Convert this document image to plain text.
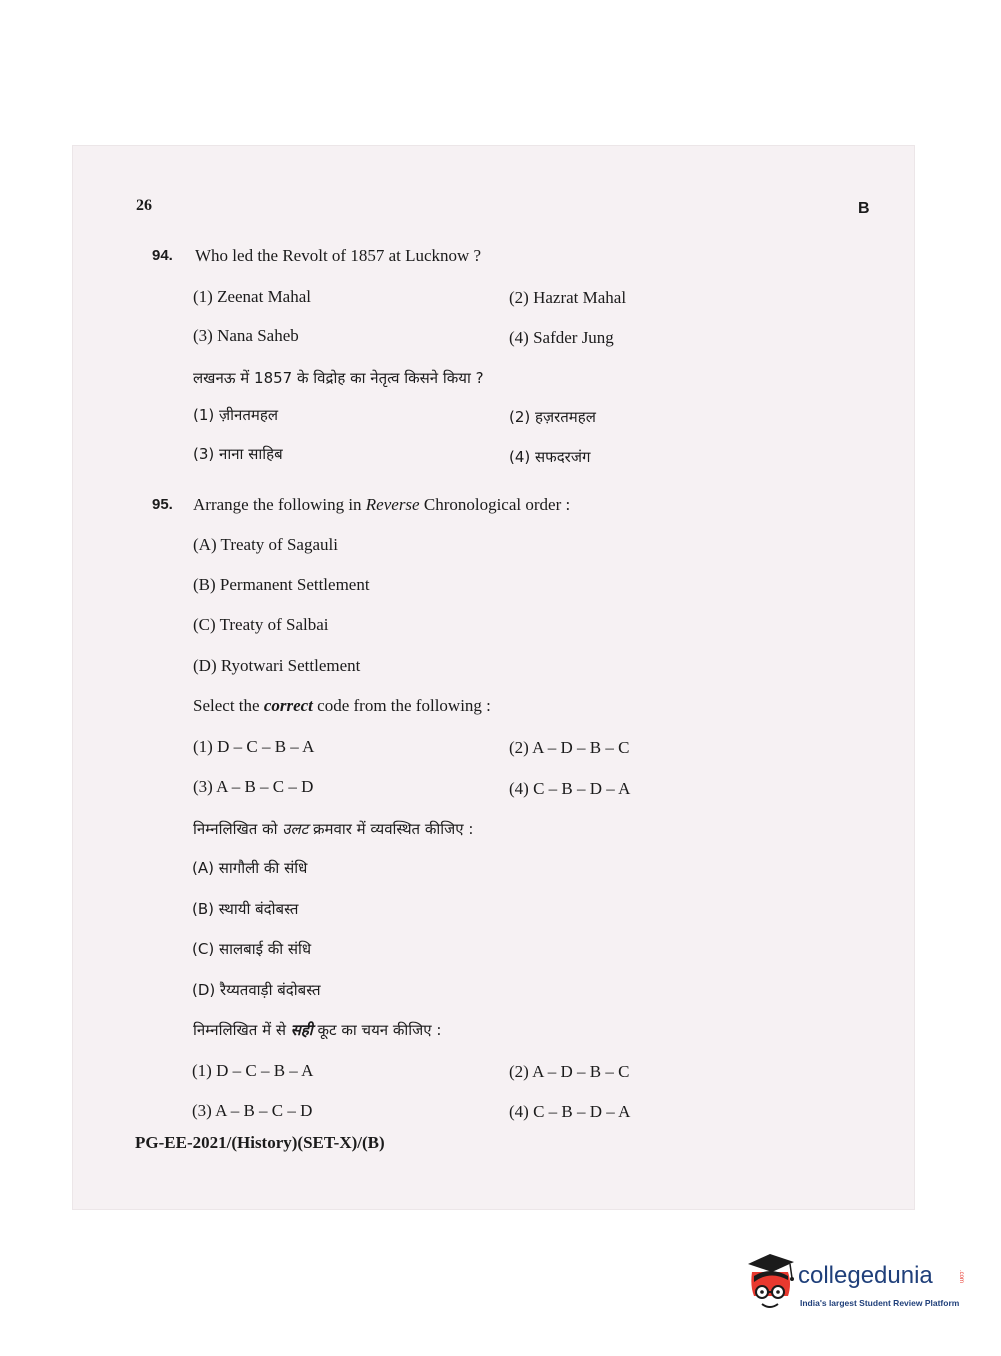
26	B
94. Who led the Revolt of 1857 at Lucknow ?
(1) Zeenat Mahal	(2) Hazrat Mahal
(3) Nana Saheb	(4) Safder Jung
लखनऊ में 1857 के विद्रोह का नेतृत्व किसने किया ?
(1) ज़ीनतमहल	(2) हज़रतमहल
(3) नाना साहिब	(4) सफदरजंग
95. Arrange the following in Reverse Chronological order :
(A) Treaty of Sagauli
(B) Permanent Settlement
(C) Treaty of Salbai
(D) Ryotwari Settlement
Select the correct code from the following :
(1) D – C – B – A	(2) A – D – B – C
(3) A – B – C – D	(4) C – B – D – A
निम्नलिखित को उलट क्रमवार में व्यवस्थित कीजिए :
(A) सागौली की संधि
(B) स्थायी बंदोबस्त
(C) सालबाई की संधि
(D) रैय्यतवाड़ी बंदोबस्त
निम्नलिखित में से सही कूट का चयन कीजिए :
(1) D – C – B – A	(2) A – D – B – C
(3) A – B – C – D	(4) C – B – D – A
PG-EE-2021/(History)(SET-X)/(B)
collegedunia	.com
India's largest Student Review Platform
